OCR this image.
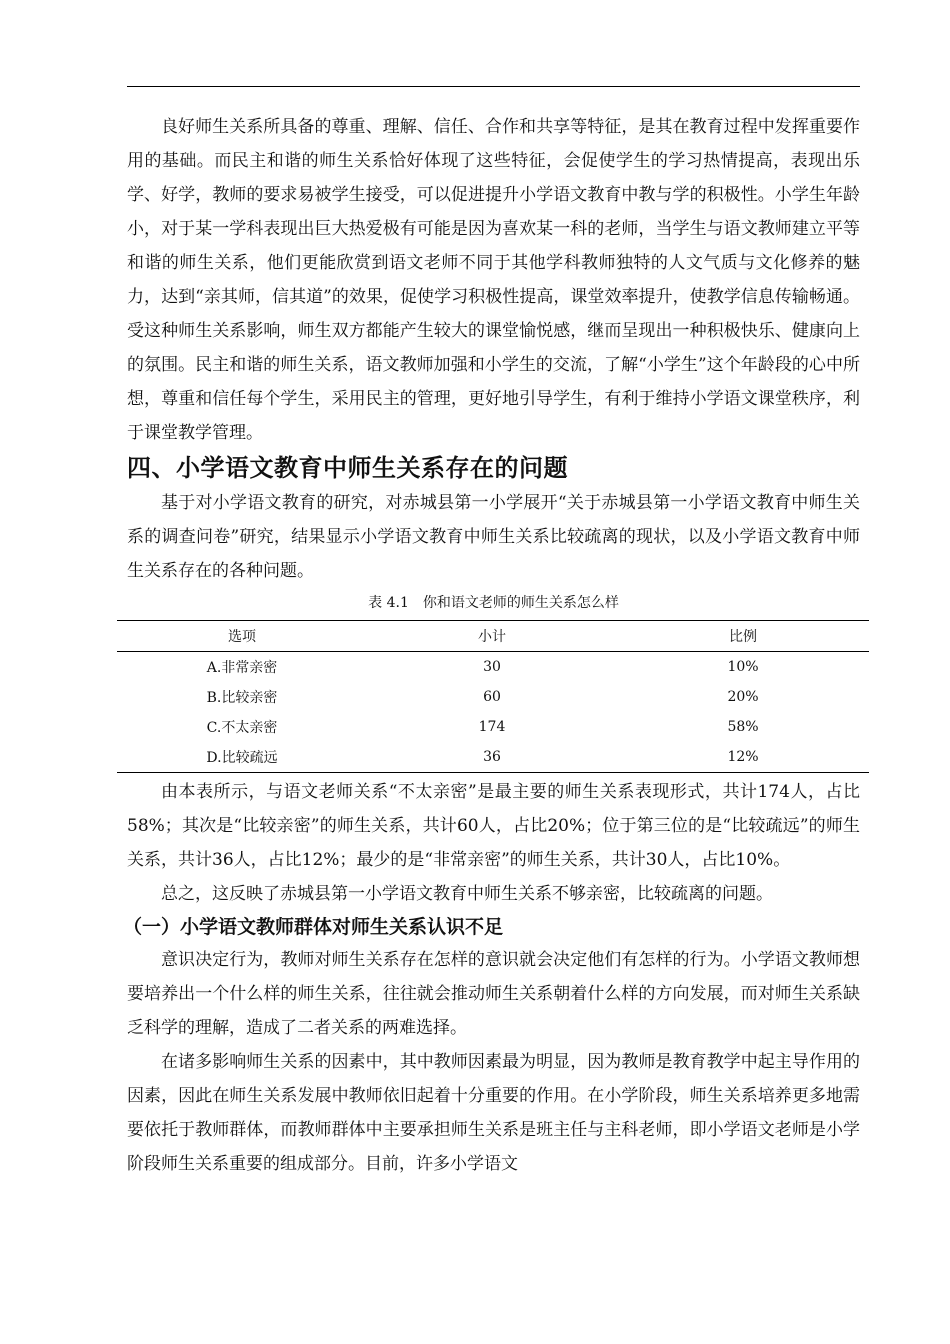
良好师生关系所具备的尊重、理解、信任、合作和共享等特征，是其在教育过程中发挥重要作用的基础。而民主和谐的师生关系恰好体现了这些特征，会促使学生的学习热情提高，表现出乐学、好学，教师的要求易被学生接受，可以促进提升小学语文教育中教与学的积极性。小学生年龄小，对于某一学科表现出巨大热爱极有可能是因为喜欢某一科的老师，当学生与语文教师建立平等和谐的师生关系，他们更能欣赏到语文老师不同于其他学科教师独特的人文气质与文化修养的魅力，达到“亲其师，信其道”的效果，促使学习积极性提高，课堂效率提升，使教学信息传输畅通。受这种师生关系影响，师生双方都能产生较大的课堂愉悦感，继而呈现出一种积极快乐、健康向上的氛围。民主和谐的师生关系，语文教师加强和小学生的交流，了解“小学生”这个年龄段的心中所想，尊重和信任每个学生，采用民主的管理，更好地引导学生，有利于维持小学语文课堂秩序，利于课堂教学管理。

四、小学语文教育中师生关系存在的问题

基于对小学语文教育的研究，对赤城县第一小学展开“关于赤城县第一小学语文教育中师生关系的调查问卷”研究，结果显示小学语文教育中师生关系比较疏离的现状，以及小学语文教育中师生关系存在的各种问题。

表 4.1　你和语文老师的师生关系怎么样
选项	小计	比例
A.非常亲密	30	10%
B.比较亲密	60	20%
C.不太亲密	174	58%
D.比较疏远	36	12%

由本表所示，与语文老师关系“不太亲密”是最主要的师生关系表现形式，共计174人，占比58%；其次是“比较亲密”的师生关系，共计60人，占比20%；位于第三位的是“比较疏远”的师生关系，共计36人，占比12%；最少的是“非常亲密”的师生关系，共计30人，占比10%。

总之，这反映了赤城县第一小学语文教育中师生关系不够亲密，比较疏离的问题。

（一）小学语文教师群体对师生关系认识不足

意识决定行为，教师对师生关系存在怎样的意识就会决定他们有怎样的行为。小学语文教师想要培养出一个什么样的师生关系，往往就会推动师生关系朝着什么样的方向发展，而对师生关系缺乏科学的理解，造成了二者关系的两难选择。

在诸多影响师生关系的因素中，其中教师因素最为明显，因为教师是教育教学中起主导作用的因素，因此在师生关系发展中教师依旧起着十分重要的作用。在小学阶段，师生关系培养更多地需要依托于教师群体，而教师群体中主要承担师生关系是班主任与主科老师，即小学语文老师是小学阶段师生关系重要的组成部分。目前，许多小学语文
